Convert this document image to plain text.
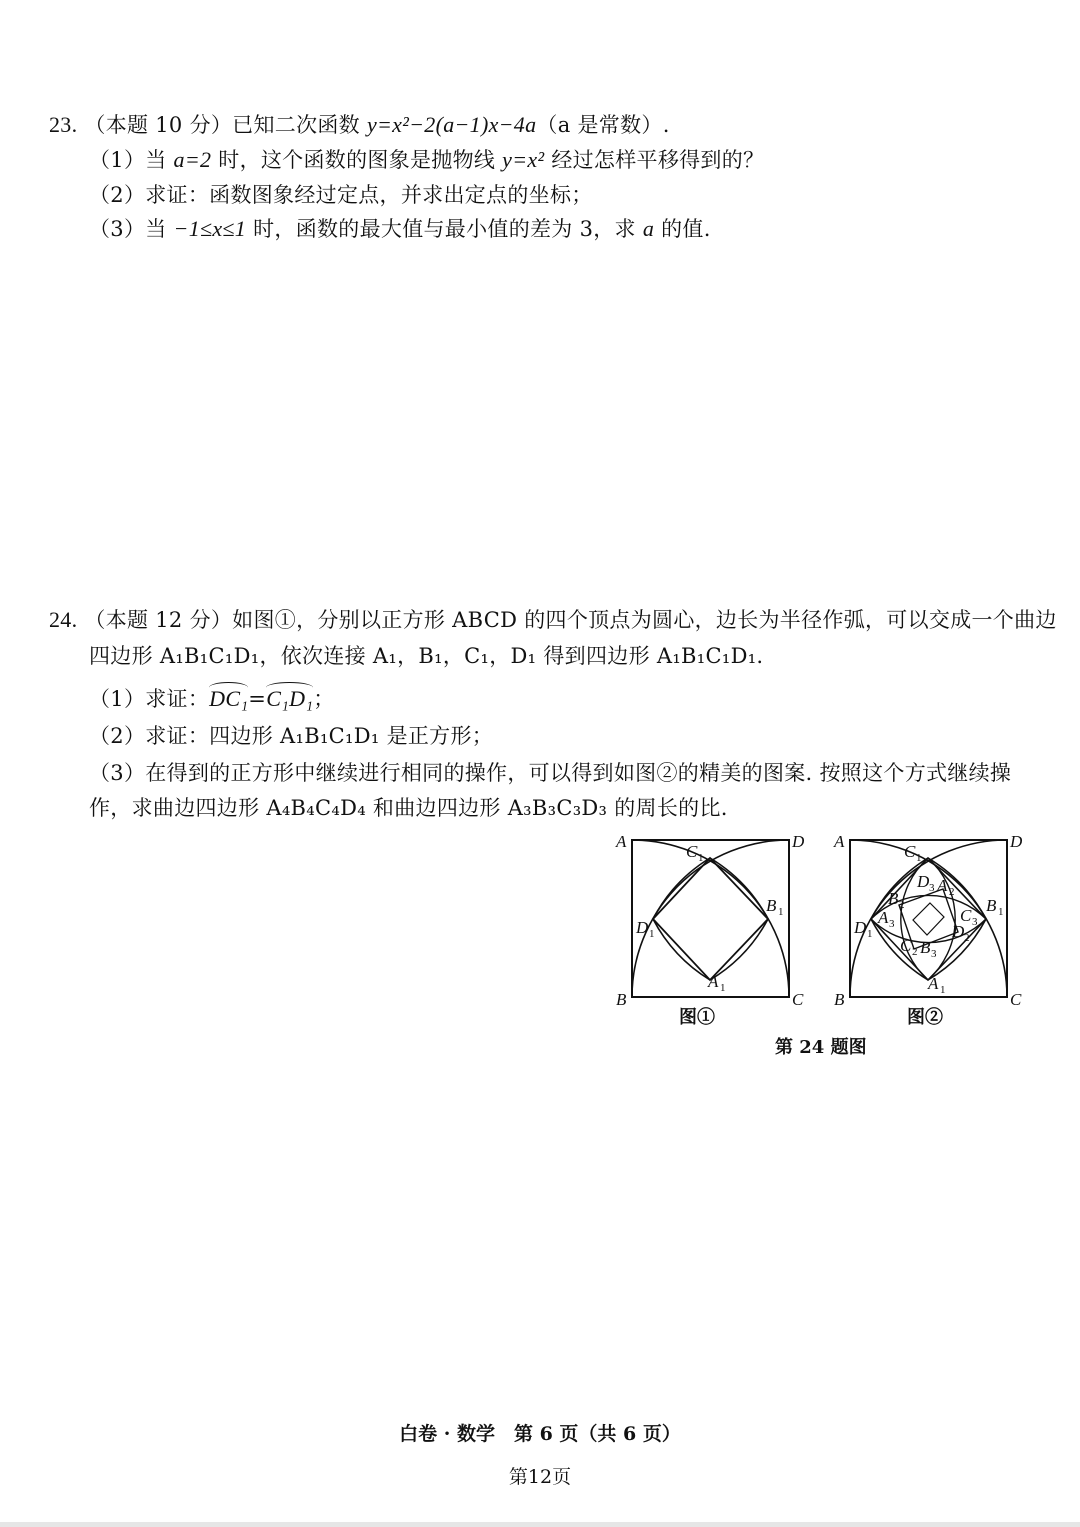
23. （本题 10 分）已知二次函数 y=x²−2(a−1)x−4a（a 是常数）.
（1）当 a=2 时，这个函数的图象是抛物线 y=x² 经过怎样平移得到的？
（2）求证：函数图象经过定点，并求出定点的坐标；
（3）当 −1≤x≤1 时，函数的最大值与最小值的差为 3，求 a 的值.
24. （本题 12 分）如图①，分别以正方形 ABCD 的四个顶点为圆心，边长为半径作弧，可以交成一个曲边
四边形 A₁B₁C₁D₁，依次连接 A₁，B₁，C₁，D₁ 得到四边形 A₁B₁C₁D₁.
（1）求证：DC₁=C₁D₁；
（2）求证：四边形 A₁B₁C₁D₁ 是正方形；
（3）在得到的正方形中继续进行相同的操作，可以得到如图②的精美的图案. 按照这个方式继续操
作，求曲边四边形 A₄B₄C₄D₄ 和曲边四边形 A₃B₃C₃D₃ 的周长的比.
A	D
B	C
C 1
B 1
D 1
A 1
图①
A	D
B	C
C 1
B 1
D 1
A 1
B 2
D 3 A 2
A 3	C 3
D 2
C 2 B 3
图②
第 24 题图
白卷 · 数学　第 6 页（共 6 页）
第12页
